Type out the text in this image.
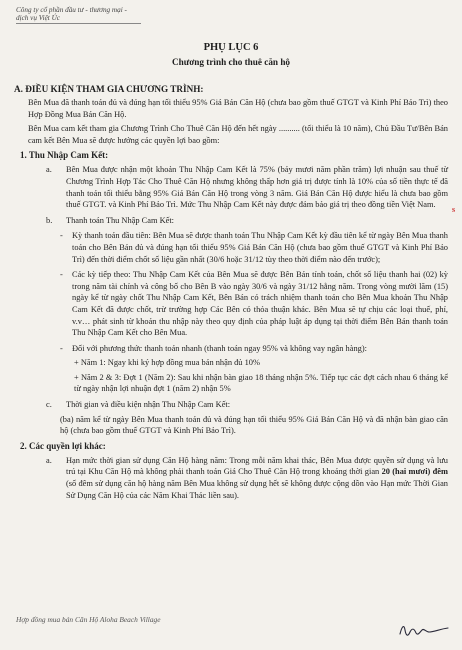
Công ty cổ phần đầu tư - thương mại - dịch vụ Việt Úc
PHỤ LỤC 6
Chương trình cho thuê căn hộ
A. ĐIỀU KIỆN THAM GIA CHƯƠNG TRÌNH:

Bên Mua đã thanh toán đủ và đúng hạn tối thiểu 95% Giá Bán Căn Hộ (chưa bao gồm thuế GTGT và Kinh Phí Bảo Trì) theo Hợp Đồng Mua Bán Căn Hộ.

Bên Mua cam kết tham gia Chương Trình Cho Thuê Căn Hộ đến hết ngày .......... (tối thiểu là 10 năm), Chủ Đầu Tư/Bên Bán cam kết Bên Mua sẽ được hưởng các quyền lợi bao gồm:

1. Thu Nhập Cam Kết:
a.	Bên Mua được nhận một khoản Thu Nhập Cam Kết là 75% (bảy mươi năm phần trăm) lợi nhuận sau thuế từ Chương Trình Hợp Tác Cho Thuê Căn Hộ nhưng không thấp hơn giá trị được tính là 10% của số tiền thực tế đã thanh toán tối thiểu bằng 95% Giá Bán Căn Hộ trong vòng 3 năm. Giá Bán Căn Hộ được hiểu là chưa bao gồm thuế GTGT. và Kinh Phí Bảo Trì. Mức Thu Nhập Cam Kết này được đảm bảo giá trị theo đồng tiền Việt Nam.

b.	Thanh toán Thu Nhập Cam Kết:

-	Kỳ thanh toán đầu tiên: Bên Mua sẽ được thanh toán Thu Nhập Cam Kết kỳ đầu tiên kể từ ngày Bên Mua thanh toán cho Bên Bán đủ và đúng hạn tối thiểu 95% Giá Bán Căn Hộ (chưa bao gồm thuế GTGT và Kinh Phí Bảo Trì) đến thời điểm chốt số liệu gần nhất (30/6 hoặc 31/12 tùy theo thời điểm nào đến trước);

-	Các kỳ tiếp theo: Thu Nhập Cam Kết của Bên Mua sẽ được Bên Bán tính toán, chốt số liệu thanh hai (02) kỳ trong năm tài chính và công bố cho Bên B vào ngày 30/6 và ngày 31/12 hằng năm. Trong vòng mười lăm (15) ngày kể từ ngày chốt Thu Nhập Cam Kết, Bên Bán có trách nhiệm thanh toán cho Bên Mua khoản Thu Nhập Cam Kết đã được chốt, trừ trường hợp Các Bên có thỏa thuận khác. Bên Mua sẽ tự chịu các loại thuế, phí, v.v… phát sinh từ khoản thu nhập này theo quy định của pháp luật áp dụng tại thời điểm Bên Bán thanh toán Thu Nhập Cam Kết cho Bên Mua.

-	Đối với phương thức thanh toán nhanh (thanh toán ngay 95% và không vay ngân hàng):

+ Năm 1: Ngay khi ký hợp đồng mua bán nhận đủ 10%

+ Năm 2 & 3: Đợt 1 (Năm 2): Sau khi nhận bàn giao 18 tháng nhận 5%. Tiếp tục các đợt cách nhau 6 tháng kể từ ngày nhận lợi nhuận đợt 1 (năm 2) nhận 5%

c.	Thời gian và điều kiện nhận Thu Nhập Cam Kết:

(ba) năm kể từ ngày Bên Mua thanh toán đủ và đúng hạn tối thiểu 95% Giá Bán Căn Hộ và đã nhận bàn giao căn hộ (chưa bao gồm thuế GTGT và Kinh Phí Bảo Trì).

2. Các quyền lợi khác:
a.	Hạn mức thời gian sử dụng Căn Hộ hàng năm: Trong mỗi năm khai thác, Bên Mua được quyền sử dụng và lưu trú tại Khu Căn Hộ mà không phải thanh toán Giá Cho Thuê Căn Hộ trong khoảng thời gian 20 (hai mươi) đêm (số đêm sử dụng căn hộ hàng năm Bên Mua không sử dụng hết sẽ không được cộng dồn vào Hạn mức Thời Gian Sử Dụng Căn Hộ của các Năm Khai Thác liền sau).

s
Hợp đồng mua bán Căn Hộ Aloha Beach Village
